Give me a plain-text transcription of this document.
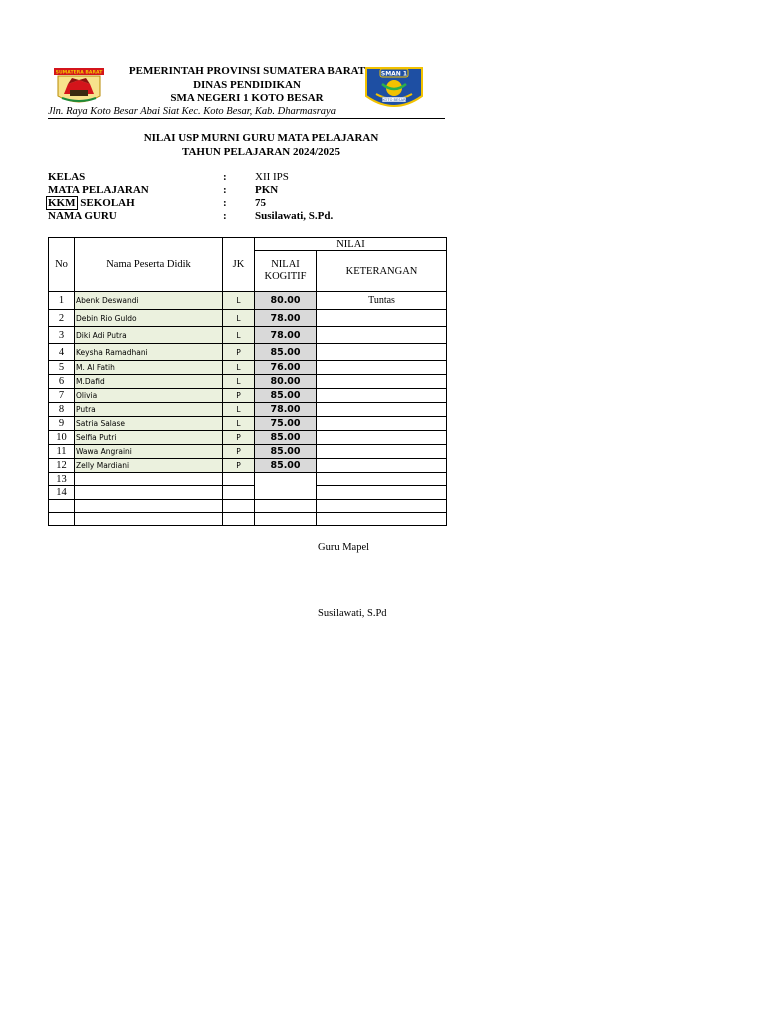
SUMATERA BARAT	SMAN 1
KOTO BESAR
PEMERINTAH PROVINSI SUMATERA BARAT
DINAS PENDIDIKAN
SMA NEGERI 1 KOTO BESAR
Jln. Raya Koto Besar Abai Siat Kec. Koto Besar, Kab. Dharmasraya
NILAI USP MURNI GURU MATA PELAJARAN
TAHUN PELAJARAN 2024/2025
KELAS	:	XII IPS
MATA PELAJARAN	:	PKN
KKM SEKOLAH	:	75
NAMA GURU	:	Susilawati, S.Pd.
No	Nama Peserta Didik	JK	NILAI	
			NILAI KOGITIF	KETERANGAN
1	Abenk Deswandi	L	80.00	Tuntas
2	Debin Rio Guldo	L	78.00	
3	Diki Adi Putra	L	78.00	
4	Keysha Ramadhani	P	85.00	
5	M. Al Fatih	L	76.00	
6	M.Dafid	L	80.00	
7	Olivia	P	85.00	
8	Putra	L	78.00	
9	Satria Salase	L	75.00	
10	Selfia Putri	P	85.00	
11	Wawa Angraini	P	85.00	
12	Zelly Mardiani	P	85.00	
13				
14				

Guru Mapel
Susilawati, S.Pd
